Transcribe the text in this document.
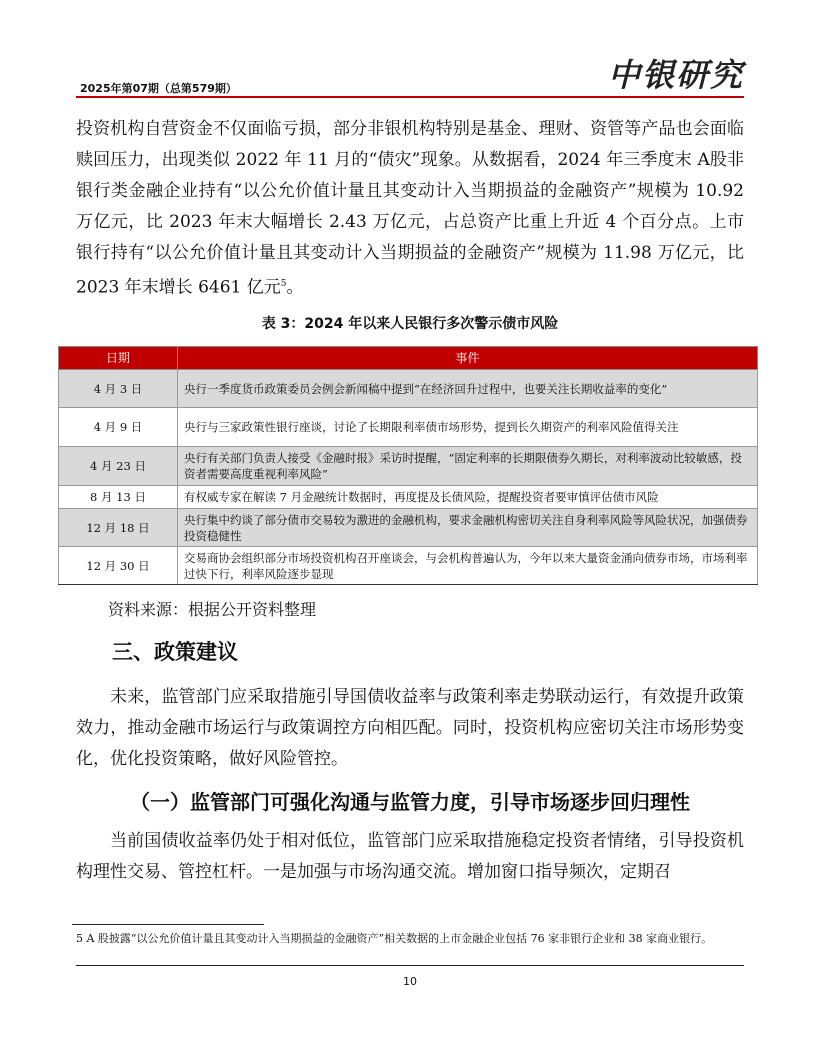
2025年第07期（总第579期）	中银研究

投资机构自营资金不仅面临亏损，部分非银机构特别是基金、理财、资管等产品也会面临赎回压力，出现类似 2022 年 11 月的“债灾”现象。从数据看，2024 年三季度末 A股非银行类金融企业持有“以公允价值计量且其变动计入当期损益的金融资产”规模为 10.92 万亿元，比 2023 年末大幅增长 2.43 万亿元，占总资产比重上升近 4 个百分点。上市银行持有“以公允价值计量且其变动计入当期损益的金融资产”规模为 11.98 万亿元，比 2023 年末增长 6461 亿元$^5$。

表 3：2024 年以来人民银行多次警示债市风险
日期	事件
4 月 3 日	央行一季度货币政策委员会例会新闻稿中提到“在经济回升过程中，也要关注长期收益率的变化”
4 月 9 日	央行与三家政策性银行座谈，讨论了长期限利率债市场形势，提到长久期资产的利率风险值得关注
4 月 23 日	央行有关部门负责人接受《金融时报》采访时提醒，“固定利率的长期限债券久期长，对利率波动比较敏感，投资者需要高度重视利率风险”
8 月 13 日	有权威专家在解读 7 月金融统计数据时，再度提及长债风险，提醒投资者要审慎评估债市风险
12 月 18 日	央行集中约谈了部分债市交易较为激进的金融机构，要求金融机构密切关注自身利率风险等风险状况，加强债券投资稳健性
12 月 30 日	交易商协会组织部分市场投资机构召开座谈会，与会机构普遍认为，今年以来大量资金涌向债券市场，市场利率过快下行，利率风险逐步显现
资料来源：根据公开资料整理
三、政策建议

未来，监管部门应采取措施引导国债收益率与政策利率走势联动运行，有效提升政策效力，推动金融市场运行与政策调控方向相匹配。同时，投资机构应密切关注市场形势变化，优化投资策略，做好风险管控。

（一）监管部门可强化沟通与监管力度，引导市场逐步回归理性

当前国债收益率仍处于相对低位，监管部门应采取措施稳定投资者情绪，引导投资机构理性交易、管控杠杆。一是加强与市场沟通交流。增加窗口指导频次，定期召

5 A 股披露“以公允价值计量且其变动计入当期损益的金融资产”相关数据的上市金融企业包括 76 家非银行企业和 38 家商业银行。
10
